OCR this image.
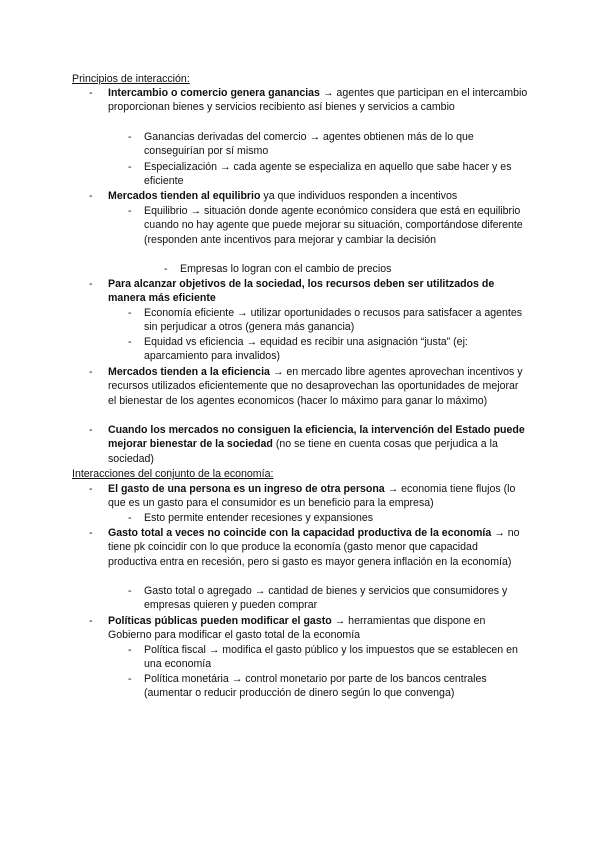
Principios de interacción:
- Intercambio o comercio genera ganancias → agentes que participan en el intercambio proporcionan bienes y servicios recibiento así bienes y servicios a cambio
- Ganancias derivadas del comercio → agentes obtienen más de lo que conseguirían por sí mismo
- Especialización → cada agente se especializa en aquello que sabe hacer y es eficiente
- Mercados tienden al equilibrio ya que individuos responden a incentivos
- Equilibrio → situación donde agente económico considera que está en equilibrio cuando no hay agente que puede mejorar su situación, comportándose diferente (responden ante incentivos para mejorar y cambiar la decisión
- Empresas lo logran con el cambio de precios
- Para alcanzar objetivos de la sociedad, los recursos deben ser utilitzados de manera más eficiente
- Economía eficiente → utilizar oportunidades o recusos para satisfacer a agentes sin perjudicar a otros (genera más ganancia)
- Equidad vs eficiencia → equidad es recibir una asignación “justa” (ej: aparcamiento para invalidos)
- Mercados tienden a la eficiencia → en mercado libre agentes aprovechan incentivos y recursos utilizados eficientemente que no desaprovechan las oportunidades de mejorar el bienestar de los agentes economicos (hacer lo máximo para ganar lo máximo)
- Cuando los mercados no consiguen la eficiencia, la intervención del Estado puede mejorar bienestar de la sociedad (no se tiene en cuenta cosas que perjudica a la sociedad)
Interacciones del conjunto de la economía:
- El gasto de una persona es un ingreso de otra persona → economia tiene flujos (lo que es un gasto para el consumidor es un beneficio para la empresa)
- Esto permite entender recesiones y expansiones
- Gasto total a veces no coincide con la capacidad productiva de la economía → no tiene pk coincidir con lo que produce la economía (gasto menor que capacidad productiva entra en recesión, pero si gasto es mayor genera inflación en la economía)
- Gasto total o agregado → cantidad de bienes y servicios que consumidores y empresas quieren y pueden comprar
- Políticas públicas pueden modificar el gasto → herramientas que dispone en Gobierno para modificar el gasto total de la economía
- Política fiscal → modifica el gasto público y los impuestos que se establecen en una economía
- Política monetária → control monetario por parte de los bancos centrales (aumentar o reducir producción de dinero según lo que convenga)
